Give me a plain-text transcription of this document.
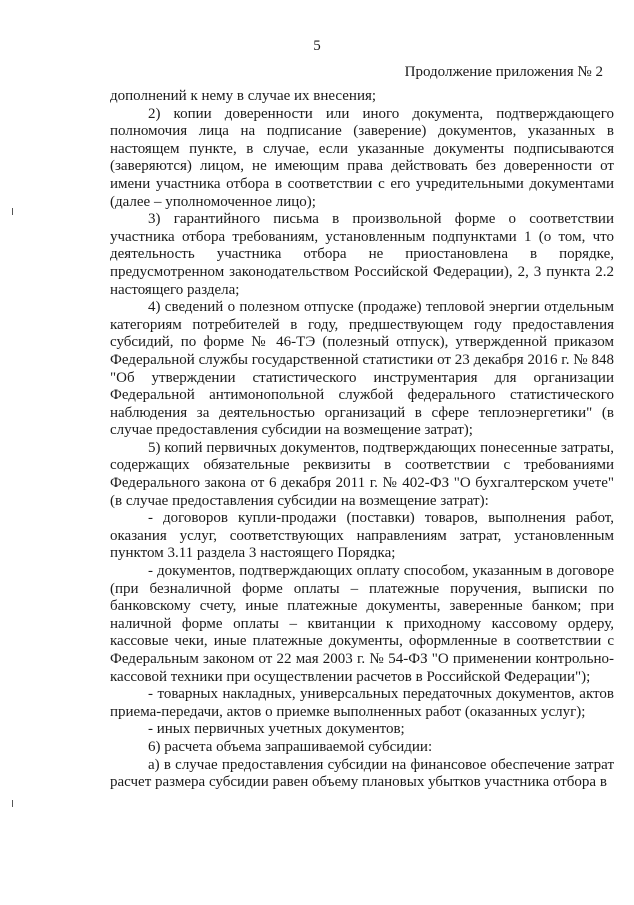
5
Продолжение приложения № 2

дополнений к нему в случае их внесения;

2) копии доверенности или иного документа, подтверждающего полномочия лица на подписание (заверение) документов, указанных в настоящем пункте, в случае, если указанные документы подписываются (заверяются) лицом, не имеющим права действовать без доверенности от имени участника отбора в соответствии с его учредительными документами (далее – уполномоченное лицо);

3) гарантийного письма в произвольной форме о соответствии участника отбора требованиям, установленным подпунктами 1 (о том, что деятельность участника отбора не приостановлена в порядке, предусмотренном законодательством Российской Федерации), 2, 3 пункта 2.2 настоящего раздела;

4) сведений о полезном отпуске (продаже) тепловой энергии отдельным категориям потребителей в году, предшествующем году предоставления субсидий, по форме № 46-ТЭ (полезный отпуск), утвержденной приказом Федеральной службы государственной статистики от 23 декабря 2016 г. № 848 "Об утверждении статистического инструментария для организации Федеральной антимонопольной службой федерального статистического наблюдения за деятельностью организаций в сфере теплоэнергетики" (в случае предоставления субсидии на возмещение затрат);

5) копий первичных документов, подтверждающих понесенные затраты, содержащих обязательные реквизиты в соответствии с требованиями Федерального закона от 6 декабря 2011 г. № 402-ФЗ "О бухгалтерском учете" (в случае предоставления субсидии на возмещение затрат):

- договоров купли-продажи (поставки) товаров, выполнения работ, оказания услуг, соответствующих направлениям затрат, установленным пунктом 3.11 раздела 3 настоящего Порядка;

- документов, подтверждающих оплату способом, указанным в договоре (при безналичной форме оплаты – платежные поручения, выписки по банковскому счету, иные платежные документы, заверенные банком; при наличной форме оплаты – квитанции к приходному кассовому ордеру, кассовые чеки, иные платежные документы, оформленные в соответствии с Федеральным законом от 22 мая 2003 г. № 54-ФЗ "О применении контрольно-кассовой техники при осуществлении расчетов в Российской Федерации");

- товарных накладных, универсальных передаточных документов, актов приема-передачи, актов о приемке выполненных работ (оказанных услуг);

- иных первичных учетных документов;

6) расчета объема запрашиваемой субсидии:

а) в случае предоставления субсидии на финансовое обеспечение затрат расчет размера субсидии равен объему плановых убытков участника отбора в
